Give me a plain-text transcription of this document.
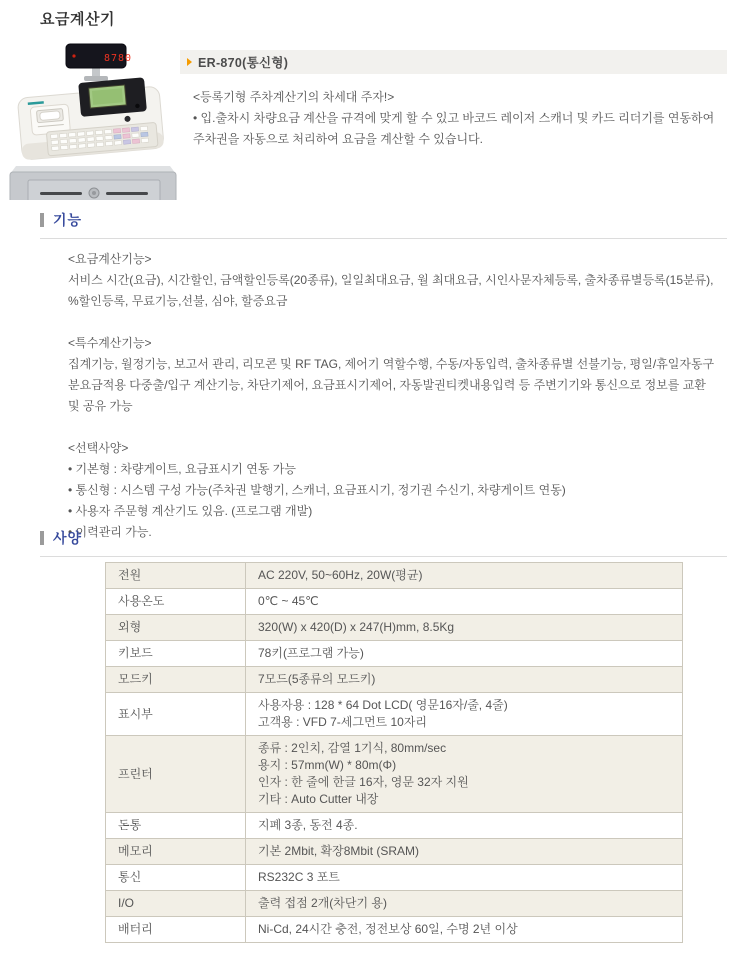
요금계산기
8780	ER-870(통신형)
<등록기형 주차계산기의 차세대 주자!>
• 입.출차시 차량요금 계산을 규격에 맞게 할 수 있고 바코드 레이저 스캐너 및 카드 리더기를 연동하여 주차권을 자동으로 처리하여 요금을 계산할 수 있습니다.
기능
<요금계산기능>
서비스 시간(요금), 시간할인, 금액할인등록(20종류), 일일최대요금, 월 최대요금, 시인사문자체등록, 출차종류별등록(15분류), %할인등록, 무료기능,선불, 심야, 할증요금
<특수계산기능>
집계기능, 월정기능, 보고서 관리, 리모콘 및 RF TAG, 제어기 역할수행, 수동/자동입력, 출차종류별 선불기능, 평일/휴일자동구분요금적용 다중출/입구 계산기능, 차단기제어, 요금표시기제어, 자동발권티켓내용입력 등 주변기기와 통신으로 정보를 교환 및 공유 가능
<선택사양>
• 기본형 : 차량게이트, 요금표시기 연동 가능
• 통신형 : 시스템 구성 가능(주차권 발행기, 스캐너, 요금표시기, 정기권 수신기, 차량게이트 연동)
• 사용자 주문형 계산기도 있음. (프로그램 개발)
• 이력관리 가능.
사양
전원	AC 220V, 50~60Hz, 20W(평균)

사용온도	0℃ ~ 45℃

외형	320(W) x 420(D) x 247(H)mm, 8.5Kg

키보드	78키(프로그램 가능)

모드키	7모드(5종류의 모드키)

표시부	사용자용 : 128 * 64 Dot LCD( 영문16자/줄, 4줄)
고객용 : VFD 7-세그먼트 10자리

프린터	종류 : 2인치, 감열 1기식, 80mm/sec
용지 : 57mm(W) * 80m(Φ)
인자 : 한 줄에 한글 16자, 영문 32자 지원
기타 : Auto Cutter 내장

돈통	지폐 3종, 동전 4종.

메모리	기본 2Mbit, 확장8Mbit (SRAM)

통신	RS232C 3 포트

I/O	출력 접점 2개(차단기 용)

배터리	Ni-Cd, 24시간 충전, 정전보상 60일, 수명 2년 이상
